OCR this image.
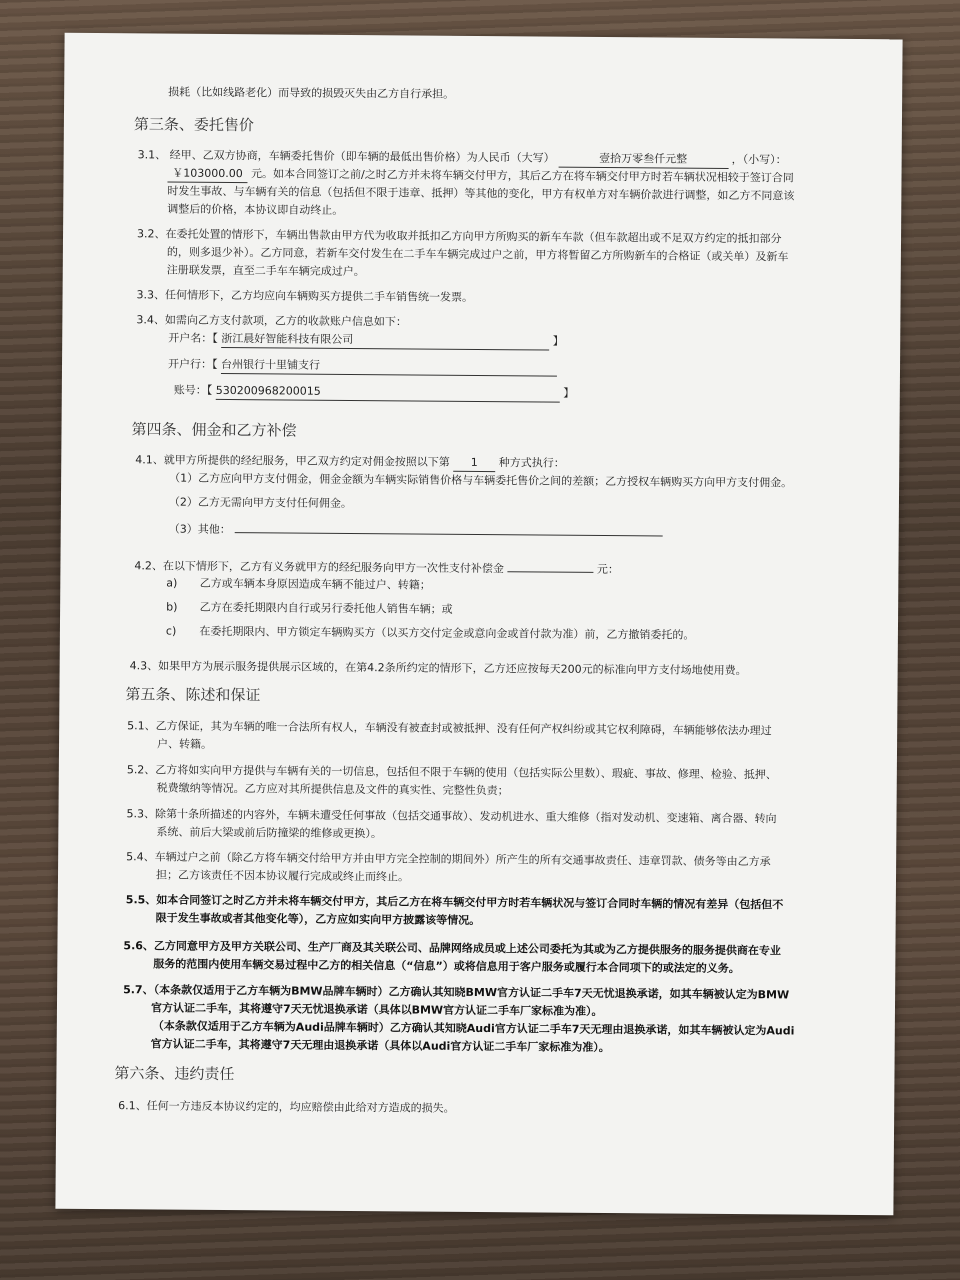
损耗（比如线路老化）而导致的损毁灭失由乙方自行承担。
第三条、委托售价
3.1、 经甲、乙双方协商，车辆委托售价（即车辆的最低出售价格）为人民币（大写）	壹拾万零叁仟元整	，（小写）：
￥103000.00 元。如本合同签订之前/之时乙方并未将车辆交付甲方，其后乙方在将车辆交付甲方时若车辆状况相较于签订合同
时发生事故、与车辆有关的信息（包括但不限于违章、抵押）等其他的变化，甲方有权单方对车辆价款进行调整，如乙方不同意该
调整后的价格，本协议即自动终止。
3.2、在委托处置的情形下，车辆出售款由甲方代为收取并抵扣乙方向甲方所购买的新车车款（但车款超出或不足双方约定的抵扣部分
的，则多退少补）。乙方同意，若新车交付发生在二手车车辆完成过户之前，甲方将暂留乙方所购新车的合格证（或关单）及新车
注册联发票，直至二手车车辆完成过户。
3.3、任何情形下，乙方均应向车辆购买方提供二手车销售统一发票。
3.4、如需向乙方支付款项，乙方的收款账户信息如下：
开户名：【 浙江晨好智能科技有限公司	】
开户行：【 台州银行十里铺支行
账号：【 53020096820​0015	】
第四条、佣金和乙方补偿
4.1、就甲方所提供的经纪服务，甲乙双方约定对佣金按照以下第 1 种方式执行：
（1）乙方应向甲方支付佣金，佣金金额为车辆实际销售价格与车辆委托售价之间的差额；乙方授权车辆购买方向甲方支付佣金。
（2）乙方无需向甲方支付任何佣金。
（3）其他：
4.2、在以下情形下，乙方有义务就甲方的经纪服务向甲方一次性支付补偿金	元：
a) 乙方或车辆本身原因造成车辆不能过户、转籍；
b) 乙方在委托期限内自行或另行委托他人销售车辆；或
c) 在委托期限内、甲方锁定车辆购买方（以买方交付定金或意向金或首付款为准）前，乙方撤销委托的。
4.3、如果甲方为展示服务提供展示区域的，在第4.2条所约定的情形下，乙方还应按每天200元的标准向甲方支付场地使用费。
第五条、陈述和保证
5.1、乙方保证，其为车辆的唯一合法所有权人，车辆没有被查封或被抵押、没有任何产权纠纷或其它权利障碍，车辆能够依法办理过
户、转籍。
5.2、乙方将如实向甲方提供与车辆有关的一切信息，包括但不限于车辆的使用（包括实际公里数）、瑕疵、事故、修理、检验、抵押、
税费缴纳等情况。乙方应对其所提供信息及文件的真实性、完整性负责；
5.3、除第十条所描述的内容外，车辆未遭受任何事故（包括交通事故）、发动机进水、重大维修（指对发动机、变速箱、离合器、转向
系统、前后大梁或前后防撞梁的维修或更换）。
5.4、车辆过户之前（除乙方将车辆交付给甲方并由甲方完全控制的期间外）所产生的所有交通事故责任、违章罚款、债务等由乙方承
担；乙方该责任不因本协议履行完成或终止而终止。
5.5、如本合同签订之时乙方并未将车辆交付甲方，其后乙方在将车辆交付甲方时若车辆状况与签订合同时车辆的情况有差异（包括但不
限于发生事故或者其他变化等），乙方应如实向甲方披露该等情况。
5.6、乙方同意甲方及甲方关联公司、生产厂商及其关联公司、品牌网络成员或上述公司委托为其或为乙方提供服务的服务提供商在专业
服务的范围内使用车辆交易过程中乙方的相关信息（“信息”）或将信息用于客户服务或履行本合同项下的或法定的义务。
5.7、（本条款仅适用于乙方车辆为BMW品牌车辆时）乙方确认其知晓BMW官方认证二手车7天无忧退换承诺，如其车辆被认定为BMW
官方认证二手车，其将遵守7天无忧退换承诺（具体以BMW官方认证二手车厂家标准为准）。
（本条款仅适用于乙方车辆为Audi品牌车辆时）乙方确认其知晓Audi官方认证二手车7天无理由退换承诺，如其车辆被认定为Audi
官方认证二手车，其将遵守7天无理由退换承诺（具体以Audi官方认证二手车厂家标准为准）。
第六条、违约责任
6.1、任何一方违反本协议约定的，均应赔偿由此给对方造成的损失。
